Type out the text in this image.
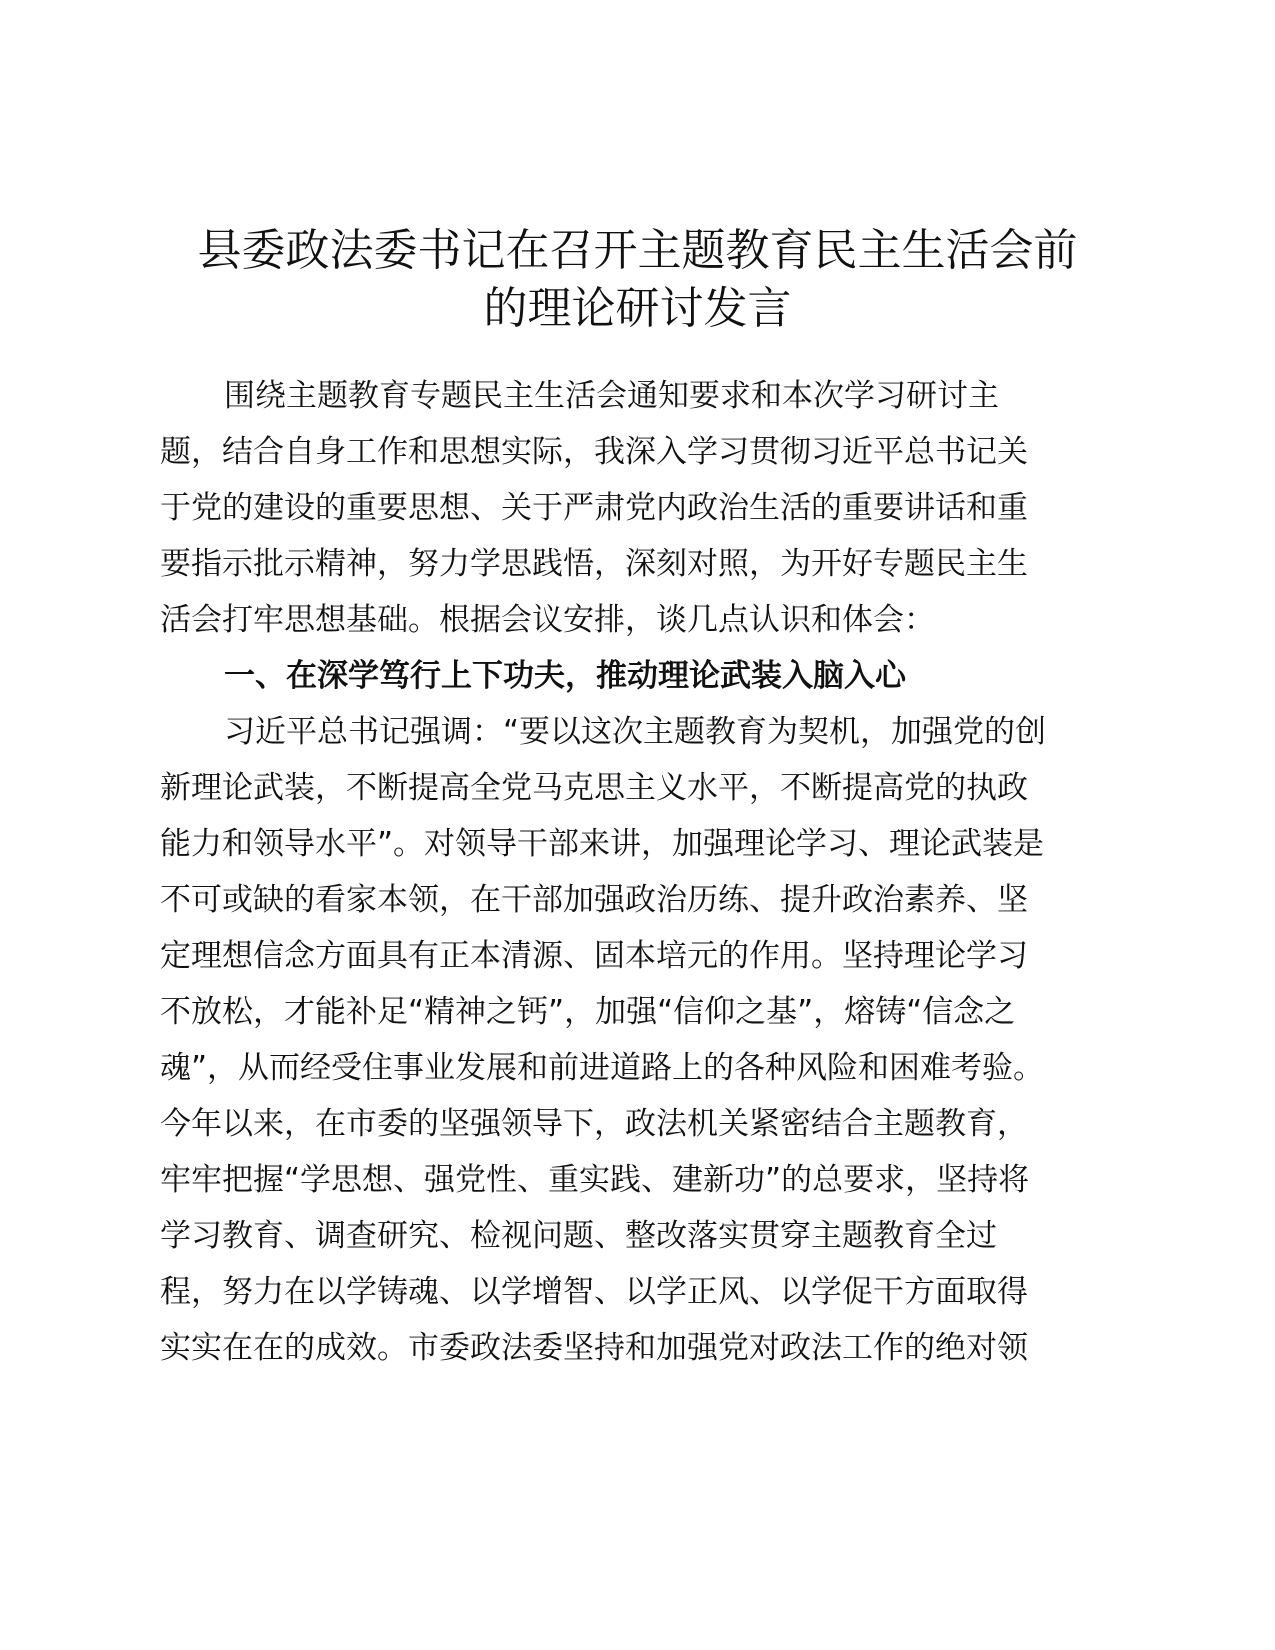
县委政法委书记在召开主题教育民主生活会前
的理论研讨发言

围绕主题教育专题民主生活会通知要求和本次学习研讨主

题，结合自身工作和思想实际，我深入学习贯彻习近平总书记关

于党的建设的重要思想、关于严肃党内政治生活的重要讲话和重

要指示批示精神，努力学思践悟，深刻对照，为开好专题民主生

活会打牢思想基础。根据会议安排，谈几点认识和体会：

一、在深学笃行上下功夫，推动理论武装入脑入心

习近平总书记强调：“要以这次主题教育为契机，加强党的创

新理论武装，不断提高全党马克思主义水平，不断提高党的执政

能力和领导水平”。对领导干部来讲，加强理论学习、理论武装是

不可或缺的看家本领，在干部加强政治历练、提升政治素养、坚

定理想信念方面具有正本清源、固本培元的作用。坚持理论学习

不放松，才能补足“精神之钙”，加强“信仰之基”，熔铸“信念之

魂”，从而经受住事业发展和前进道路上的各种风险和困难考验。

今年以来，在市委的坚强领导下，政法机关紧密结合主题教育，

牢牢把握“学思想、强党性、重实践、建新功”的总要求，坚持将

学习教育、调查研究、检视问题、整改落实贯穿主题教育全过

程，努力在以学铸魂、以学增智、以学正风、以学促干方面取得

实实在在的成效。市委政法委坚持和加强党对政法工作的绝对领
